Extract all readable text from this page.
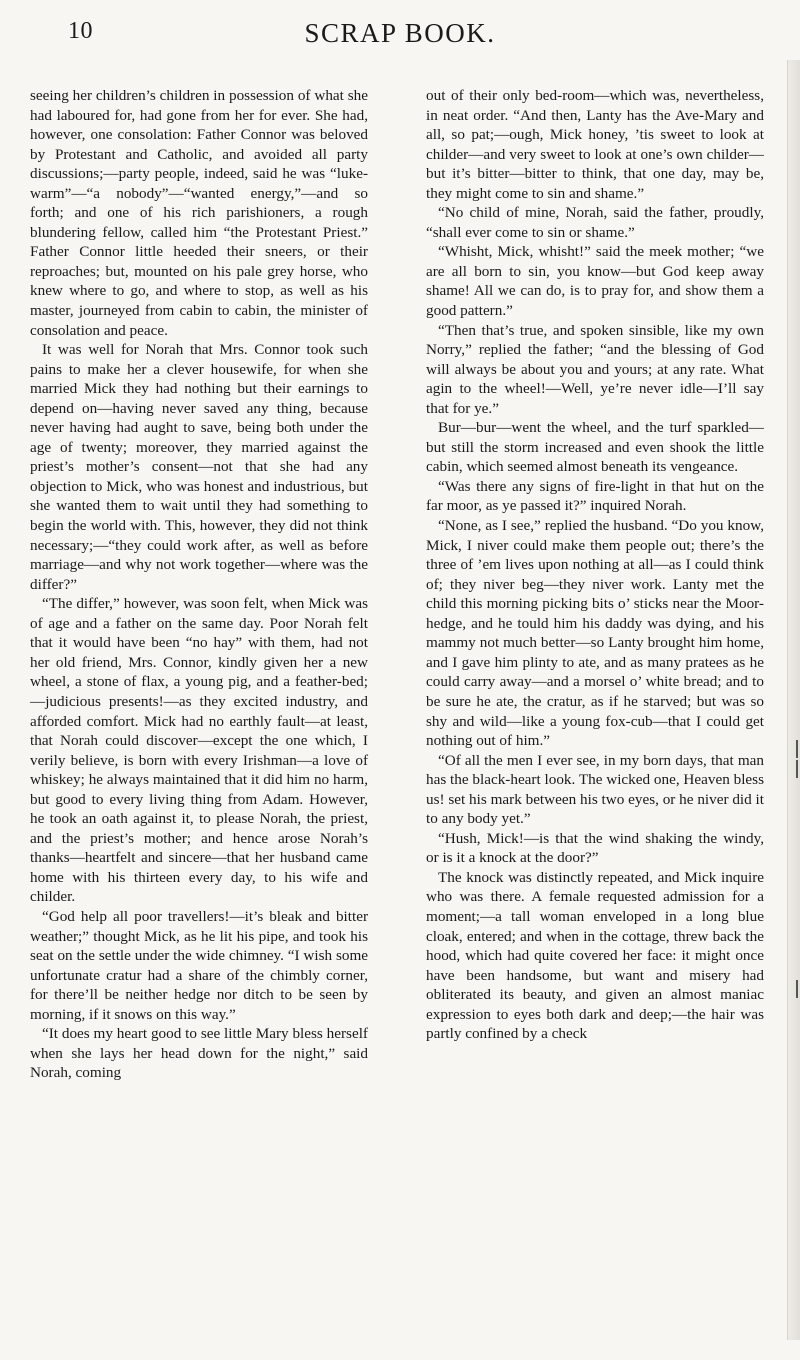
10	SCRAP BOOK.

seeing her children’s children in possession of what she had laboured for, had gone from her for ever. She had, however, one consolation: Father Connor was beloved by Protestant and Catholic, and avoided all party discussions;—party people, indeed, said he was “luke-warm”—“a nobody”—“wanted energy,”—and so forth; and one of his rich parishioners, a rough blundering fellow, called him “the Protestant Priest.” Father Connor little heeded their sneers, or their reproaches; but, mounted on his pale grey horse, who knew where to go, and where to stop, as well as his master, journeyed from cabin to cabin, the minister of consolation and peace.

It was well for Norah that Mrs. Connor took such pains to make her a clever housewife, for when she married Mick they had nothing but their earnings to depend on—having never saved any thing, because never having had aught to save, being both under the age of twenty; moreover, they married against the priest’s mother’s consent—not that she had any objection to Mick, who was honest and industrious, but she wanted them to wait until they had something to begin the world with. This, however, they did not think necessary;—“they could work after, as well as before marriage—and why not work together—where was the differ?”

“The differ,” however, was soon felt, when Mick was of age and a father on the same day. Poor Norah felt that it would have been “no hay” with them, had not her old friend, Mrs. Connor, kindly given her a new wheel, a stone of flax, a young pig, and a feather-bed;—judicious presents!—as they excited industry, and afforded comfort. Mick had no earthly fault—at least, that Norah could discover—except the one which, I verily believe, is born with every Irishman—a love of whiskey; he always maintained that it did him no harm, but good to every living thing from Adam. However, he took an oath against it, to please Norah, the priest, and the priest’s mother; and hence arose Norah’s thanks—heartfelt and sincere—that her husband came home with his thirteen every day, to his wife and childer.

“God help all poor travellers!—it’s bleak and bitter weather;” thought Mick, as he lit his pipe, and took his seat on the settle under the wide chimney. “I wish some unfortunate cratur had a share of the chimbly corner, for there’ll be neither hedge nor ditch to be seen by morning, if it snows on this way.”

“It does my heart good to see little Mary bless herself when she lays her head down for the night,” said Norah, coming

out of their only bed-room—which was, nevertheless, in neat order. “And then, Lanty has the Ave-Mary and all, so pat;—ough, Mick honey, ’tis sweet to look at childer—and very sweet to look at one’s own childer—but it’s bitter—bitter to think, that one day, may be, they might come to sin and shame.”

“No child of mine, Norah, said the father, proudly, “shall ever come to sin or shame.”

“Whisht, Mick, whisht!” said the meek mother; “we are all born to sin, you know—but God keep away shame! All we can do, is to pray for, and show them a good pattern.”

“Then that’s true, and spoken sinsible, like my own Norry,” replied the father; “and the blessing of God will always be about you and yours; at any rate. What agin to the wheel!—Well, ye’re never idle—I’ll say that for ye.”

Bur—bur—went the wheel, and the turf sparkled—but still the storm increased and even shook the little cabin, which seemed almost beneath its vengeance.

“Was there any signs of fire-light in that hut on the far moor, as ye passed it?” inquired Norah.

“None, as I see,” replied the husband. “Do you know, Mick, I niver could make them people out; there’s the three of ’em lives upon nothing at all—as I could think of; they niver beg—they niver work. Lanty met the child this morning picking bits o’ sticks near the Moor-hedge, and he tould him his daddy was dying, and his mammy not much better—so Lanty brought him home, and I gave him plinty to ate, and as many pratees as he could carry away—and a morsel o’ white bread; and to be sure he ate, the cratur, as if he starved; but was so shy and wild—like a young fox-cub—that I could get nothing out of him.”

“Of all the men I ever see, in my born days, that man has the black-heart look. The wicked one, Heaven bless us! set his mark between his two eyes, or he niver did it to any body yet.”

“Hush, Mick!—is that the wind shaking the windy, or is it a knock at the door?”

The knock was distinctly repeated, and Mick inquire who was there. A female requested admission for a moment;—a tall woman enveloped in a long blue cloak, entered; and when in the cottage, threw back the hood, which had quite covered her face: it might once have been handsome, but want and misery had obliterated its beauty, and given an almost maniac expression to eyes both dark and deep;—the hair was partly confined by a check
